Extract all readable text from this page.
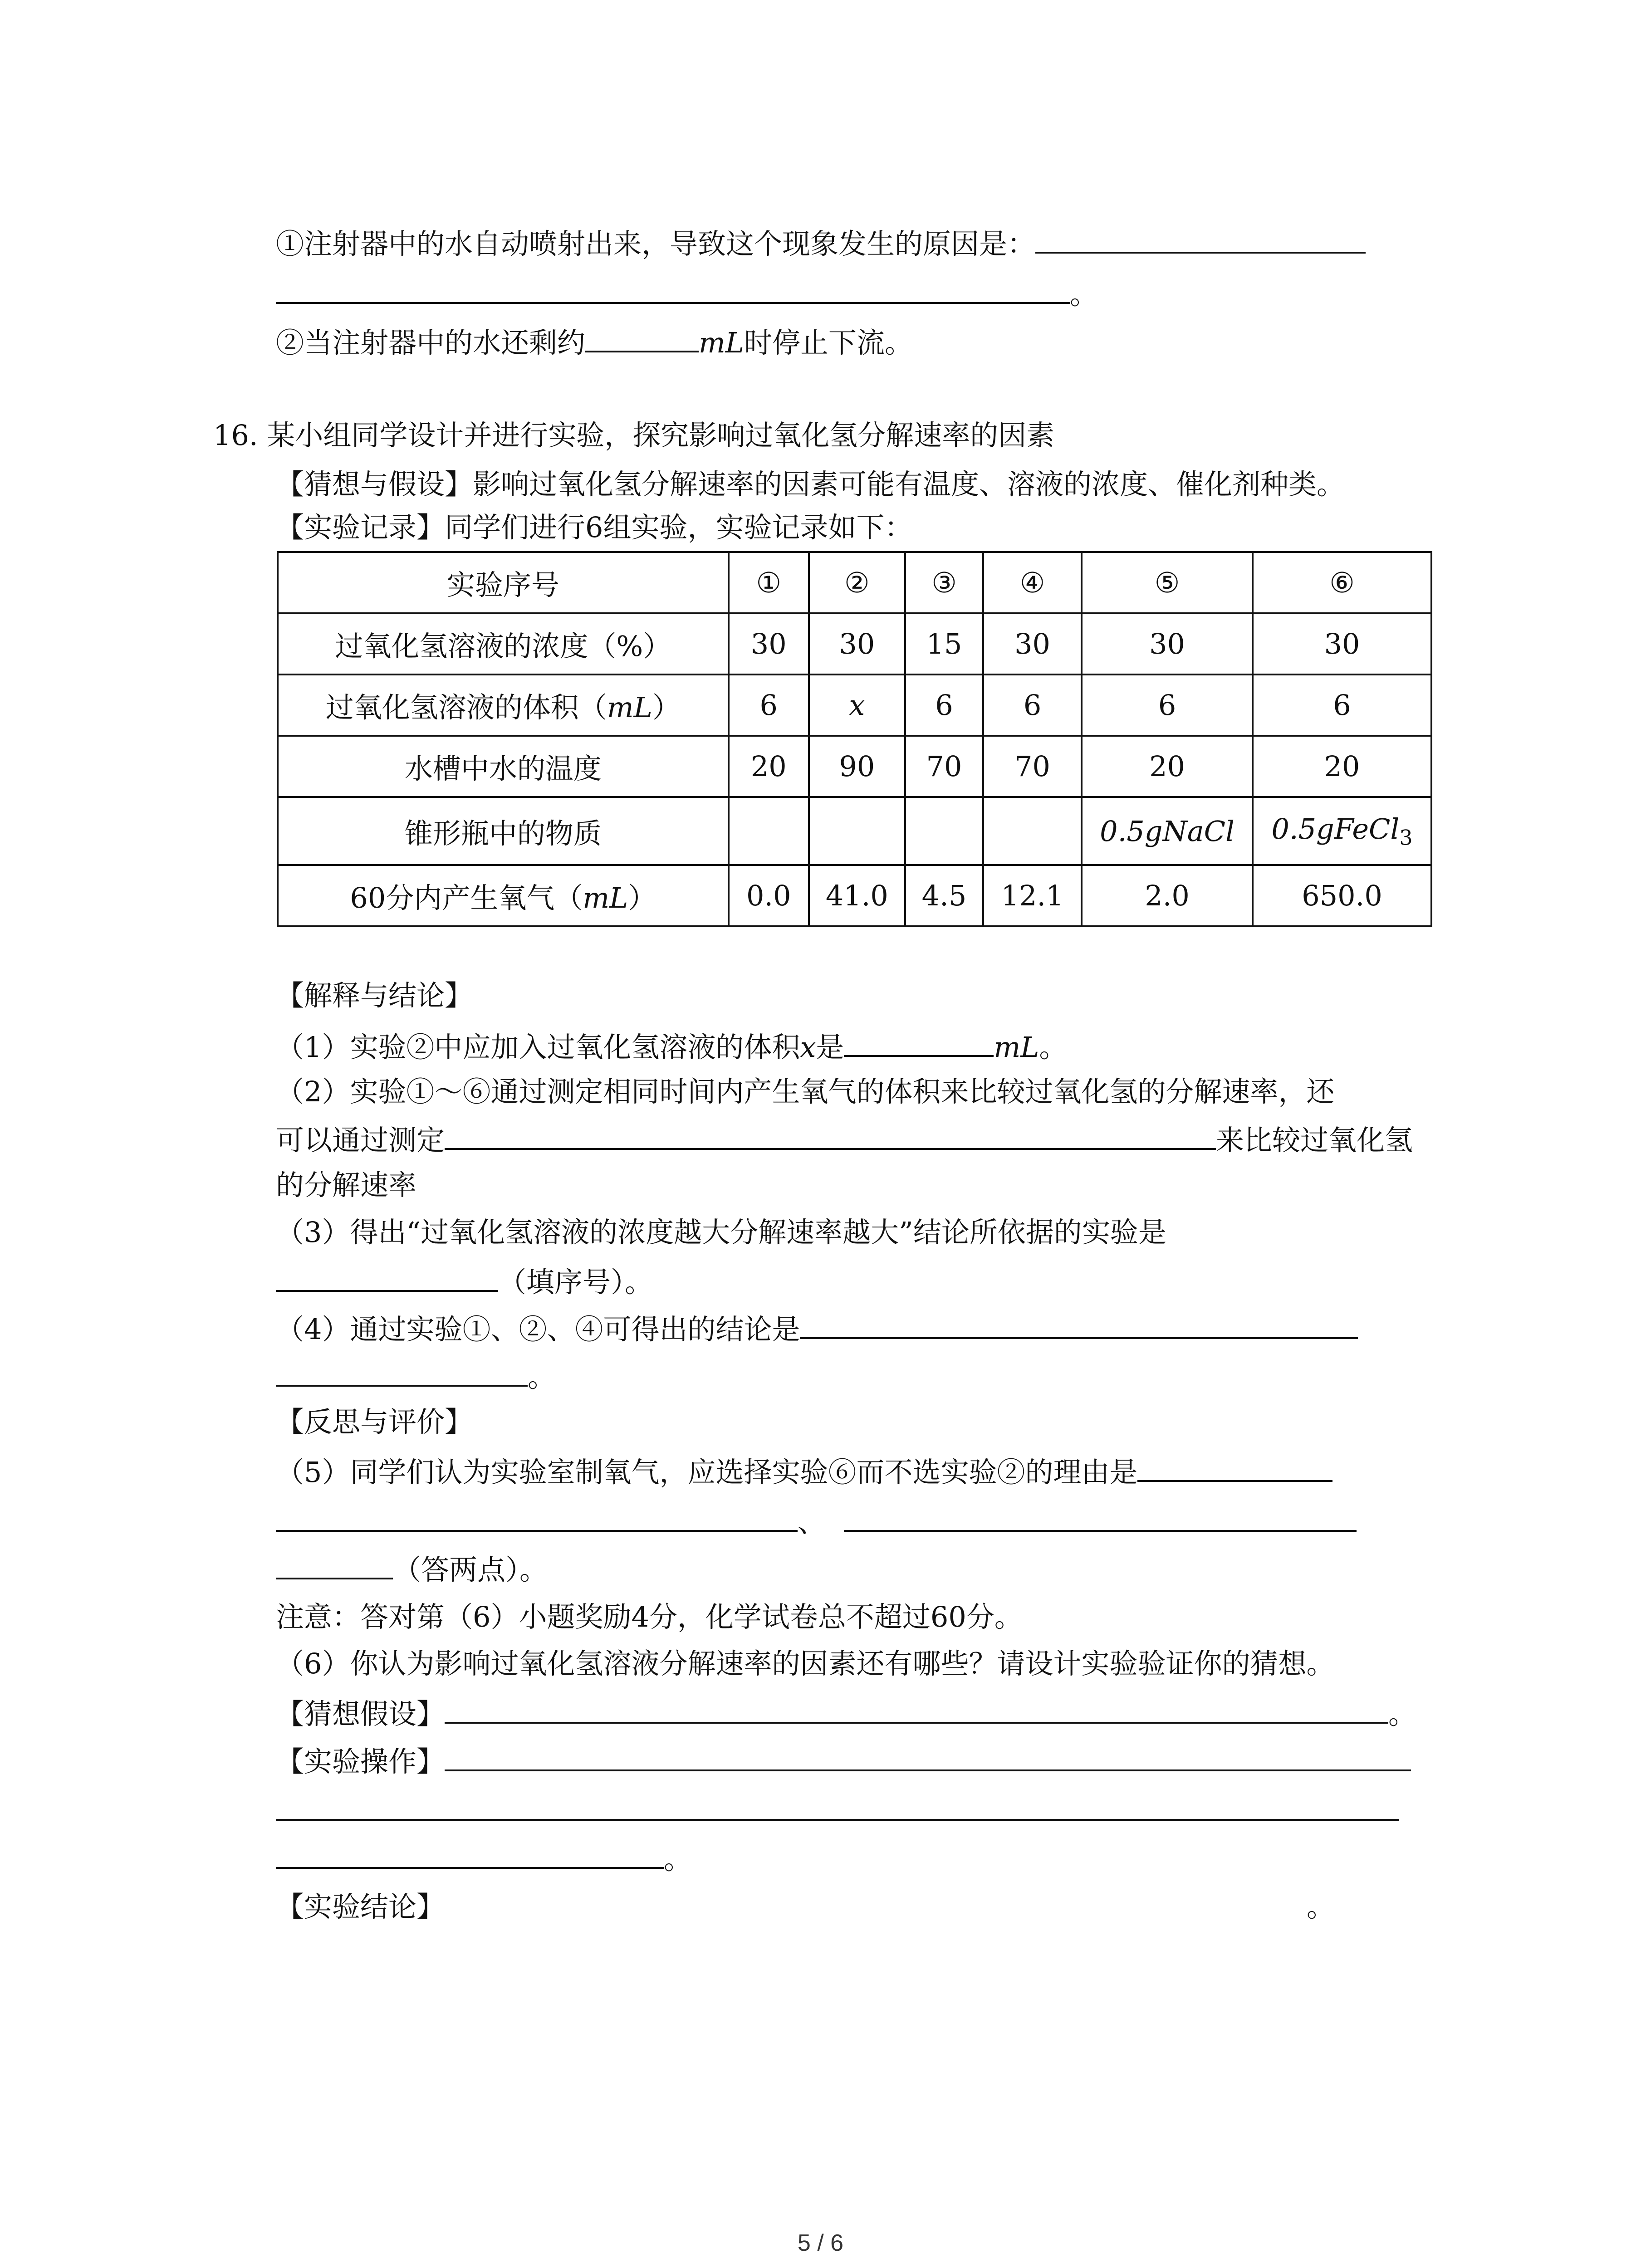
①注射器中的水自动喷射出来，导致这个现象发生的原因是：
。
②当注射器中的水还剩约	mL时停止下流。
16. 某小组同学设计并进行实验，探究影响过氧化氢分解速率的因素
【猜想与假设】影响过氧化氢分解速率的因素可能有温度、溶液的浓度、催化剂种类。
【实验记录】同学们进行6组实验，实验记录如下：
实验序号	①	②	③	④	⑤	⑥
过氧化氢溶液的浓度（%）	30	30	15	30	30	30
过氧化氢溶液的体积（mL）	6	x	6	6	6	6
水槽中水的温度	20	90	70	70	20	20
锥形瓶中的物质					0.5gNaCl	0.5gFeCl$_3$
60分内产生氧气（mL）	0.0	41.0	4.5	12.1	2.0	650.0
【解释与结论】
（1）实验②中应加入过氧化氢溶液的体积x是	mL。
（2）实验①～⑥通过测定相同时间内产生氧气的体积来比较过氧化氢的分解速率，还
可以通过测定	来比较过氧化氢
的分解速率
（3）得出“过氧化氢溶液的浓度越大分解速率越大”结论所依据的实验是
（填序号）。
（4）通过实验①、②、④可得出的结论是
。
【反思与评价】
（5）同学们认为实验室制氧气，应选择实验⑥而不选实验②的理由是
、
（答两点）。
注意：答对第（6）小题奖励4分，化学试卷总不超过60分。
（6）你认为影响过氧化氢溶液分解速率的因素还有哪些？请设计实验验证你的猜想。
【猜想假设】	。
【实验操作】
。
【实验结论】	。
5 / 6
